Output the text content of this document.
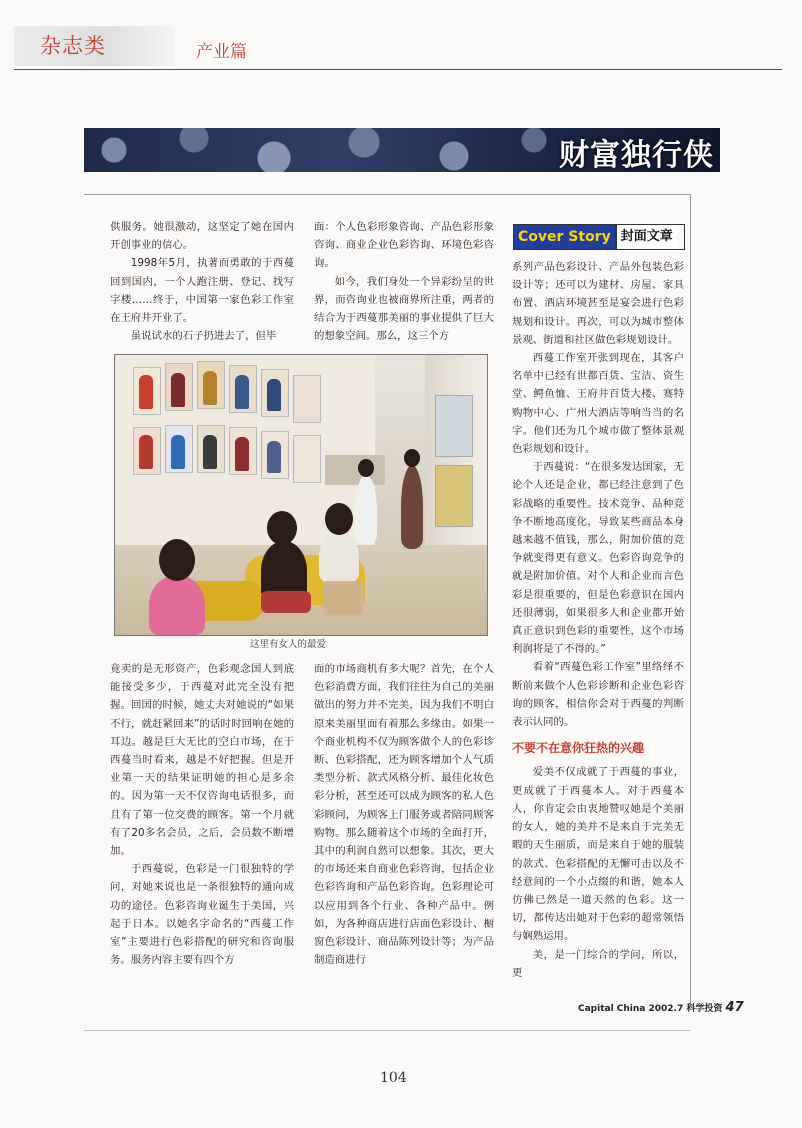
杂志类	产业篇
财富独行侠

供服务。她很激动，这坚定了她在国内开创事业的信心。

1998年5月，执著而勇敢的于西蔓回到国内，一个人跑注册、登记、找写字楼……终于，中国第一家色彩工作室在王府井开业了。

虽说试水的石子扔进去了，但毕

面：个人色彩形象咨询、产品色彩形象咨询、商业企业色彩咨询、环境色彩咨询。

如今，我们身处一个异彩纷呈的世界，而咨询业也被商界所注重，两者的结合为于西蔓那美丽的事业提供了巨大的想象空间。那么，这三个方

Cover Story 封面文章

系列产品色彩设计、产品外包装色彩设计等；还可以为建材、房屋、家具布置、酒店环境甚至是宴会进行色彩规划和设计。再次，可以为城市整体景观、街道和社区做色彩规划设计。

西蔓工作室开张到现在，其客户名单中已经有世都百货、宝洁、资生堂、鳄鱼恤、王府井百货大楼、赛特购物中心、广州大酒店等响当当的名字。他们还为几个城市做了整体景观色彩规划和设计。

于西蔓说：“在很多发达国家，无论个人还是企业，都已经注意到了色彩战略的重要性。技术竞争、品种竞争不断地高度化，导致某些商品本身越来越不值钱，那么，附加价值的竞争就变得更有意义。色彩咨询竞争的就是附加价值。对个人和企业而言色彩是很重要的，但是色彩意识在国内还很薄弱，如果很多人和企业都开始真正意识到色彩的重要性，这个市场利润将是了不得的。”

看着“西蔓色彩工作室”里络绎不断前来做个人色彩诊断和企业色彩咨询的顾客，相信你会对于西蔓的判断表示认同的。

不要不在意你狂热的兴趣

爱美不仅成就了于西蔓的事业，更成就了于西蔓本人。对于西蔓本人，你肯定会由衷地赞叹她是个美丽的女人，她的美并不是来自于完美无暇的天生丽质，而是来自于她的服装的款式、色彩搭配的无懈可击以及不经意间的一个小点缀的和谐，她本人仿佛已然是一道天然的色彩。这一切，都传达出她对于色彩的超常领悟与娴熟运用。

美，是一门综合的学问，所以，更

这里有女人的最爱

竟卖的是无形资产，色彩观念国人到底能接受多少，于西蔓对此完全没有把握。回国的时候，她丈夫对她说的“如果不行，就赶紧回来”的话时时回响在她的耳边。越是巨大无比的空白市场，在于西蔓当时看来，越是不好把握。但是开业第一天的结果证明她的担心是多余的。因为第一天不仅咨询电话很多，而且有了第一位交费的顾客。第一个月就有了20多名会员，之后，会员数不断增加。

于西蔓说，色彩是一门很独特的学问，对她来说也是一条很独特的通向成功的途径。色彩咨询业诞生于美国，兴起于日本。以她名字命名的“西蔓工作室”主要进行色彩搭配的研究和咨询服务。服务内容主要有四个方

面的市场商机有多大呢？首先，在个人色彩消费方面，我们往往为自己的美丽做出的努力并不完美，因为我们不明白原来美丽里面有着那么多缘由。如果一个商业机构不仅为顾客做个人的色彩诊断、色彩搭配，还为顾客增加个人气质类型分析、款式风格分析、最佳化妆色彩分析，甚至还可以成为顾客的私人色彩顾问，为顾客上门服务或者陪同顾客购物。那么随着这个市场的全面打开，其中的利润自然可以想象。其次，更大的市场还来自商业色彩咨询，包括企业色彩咨询和产品色彩咨询。色彩理论可以应用到各个行业、各种产品中。例如，为各种商店进行店面色彩设计、橱窗色彩设计、商品陈列设计等；为产品制造商进行

Capital China 2002.7 科学投资 47
104
